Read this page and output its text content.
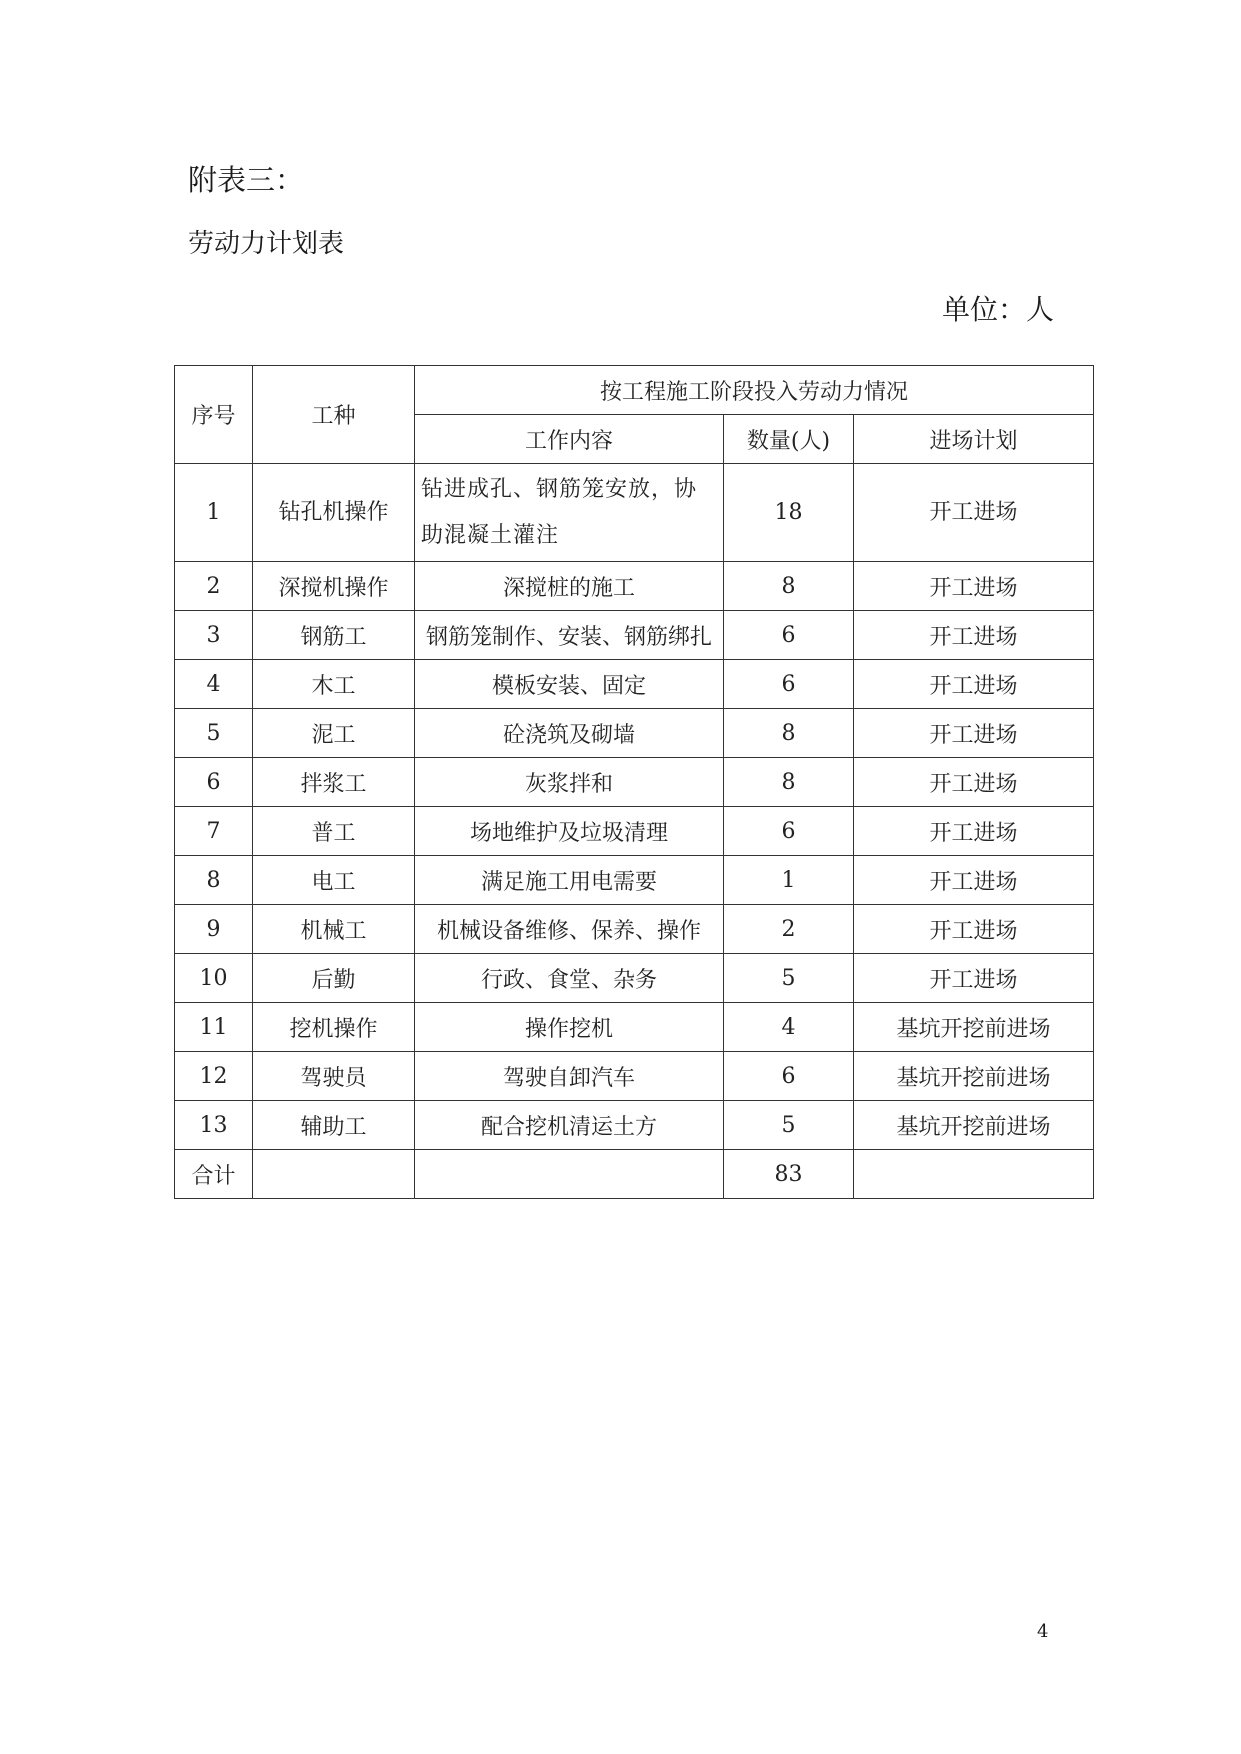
附表三：
劳动力计划表
单位：人
序号	工种	按工程施工阶段投入劳动力情况		
		工作内容	数量(人)	进场计划
1	钻孔机操作	钻进成孔、钢筋笼安放，协助混凝土灌注	18	开工进场
2	深搅机操作	深搅桩的施工	8	开工进场
3	钢筋工	钢筋笼制作、安装、钢筋绑扎	6	开工进场
4	木工	模板安装、固定	6	开工进场
5	泥工	砼浇筑及砌墙	8	开工进场
6	拌浆工	灰浆拌和	8	开工进场
7	普工	场地维护及垃圾清理	6	开工进场
8	电工	满足施工用电需要	1	开工进场
9	机械工	机械设备维修、保养、操作	2	开工进场
10	后勤	行政、食堂、杂务	5	开工进场
11	挖机操作	操作挖机	4	基坑开挖前进场
12	驾驶员	驾驶自卸汽车	6	基坑开挖前进场
13	辅助工	配合挖机清运土方	5	基坑开挖前进场
合计			83	
4
